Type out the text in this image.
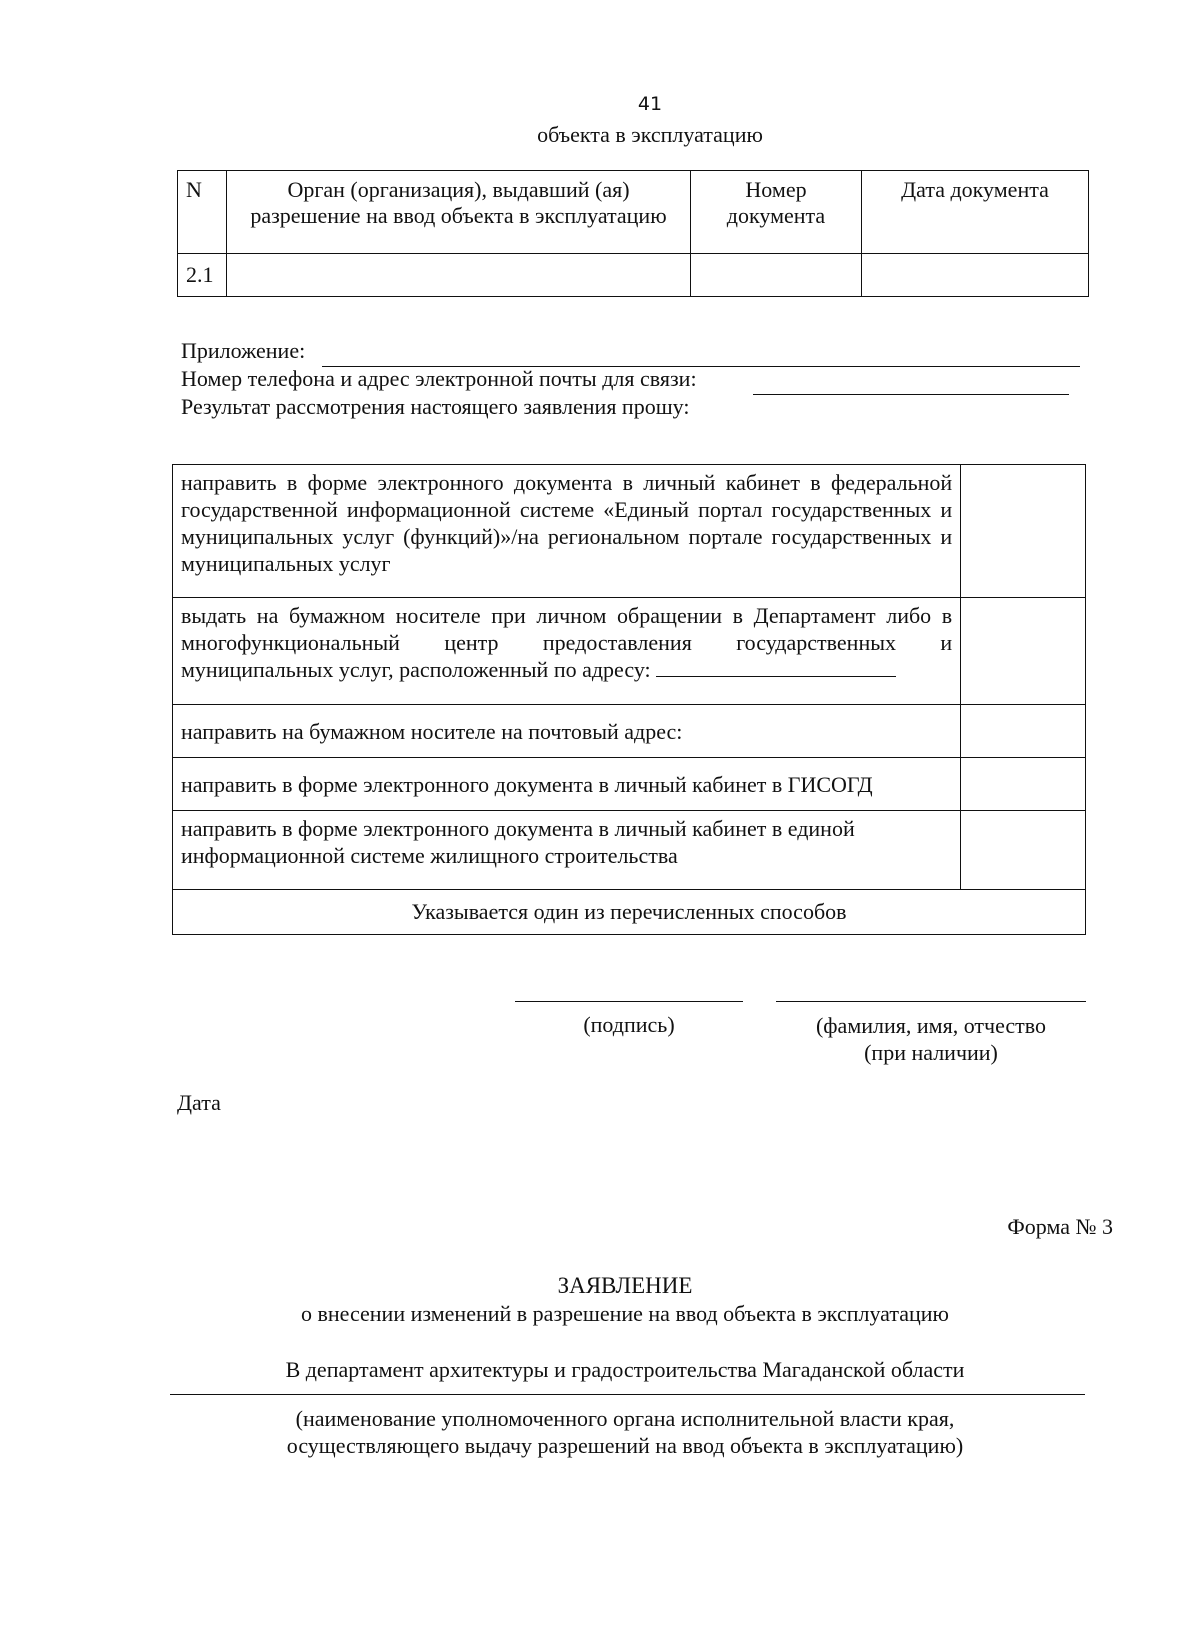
41
объекта в эксплуатацию
N	Орган (организация), выдавший (ая) разрешение на ввод объекта в эксплуатацию	Номер документа	Дата документа
2.1			
Приложение:
Номер телефона и адрес электронной почты для связи:
Результат рассмотрения настоящего заявления прошу:
направить в форме электронного документа в личный кабинет в федеральной государственной информационной системе «Единый портал государственных и муниципальных услуг (функций)»/на региональном портале государственных и муниципальных услуг	
выдать на бумажном носителе при личном обращении в Департамент либо в многофункциональный центр предоставления государственных и муниципальных услуг, расположенный по адресу:	
направить на бумажном носителе на почтовый адрес:	
направить в форме электронного документа в личный кабинет в ГИСОГД	
направить в форме электронного документа в личный кабинет в единой информационной системе жилищного строительства	
Указывается один из перечисленных способов	
(подпись)	(фамилия, имя, отчество
(при наличии)
Дата
Форма № 3
ЗАЯВЛЕНИЕ
о внесении изменений в разрешение на ввод объекта в эксплуатацию
В департамент архитектуры и градостроительства Магаданской области
(наименование уполномоченного органа исполнительной власти края,
осуществляющего выдачу разрешений на ввод объекта в эксплуатацию)
